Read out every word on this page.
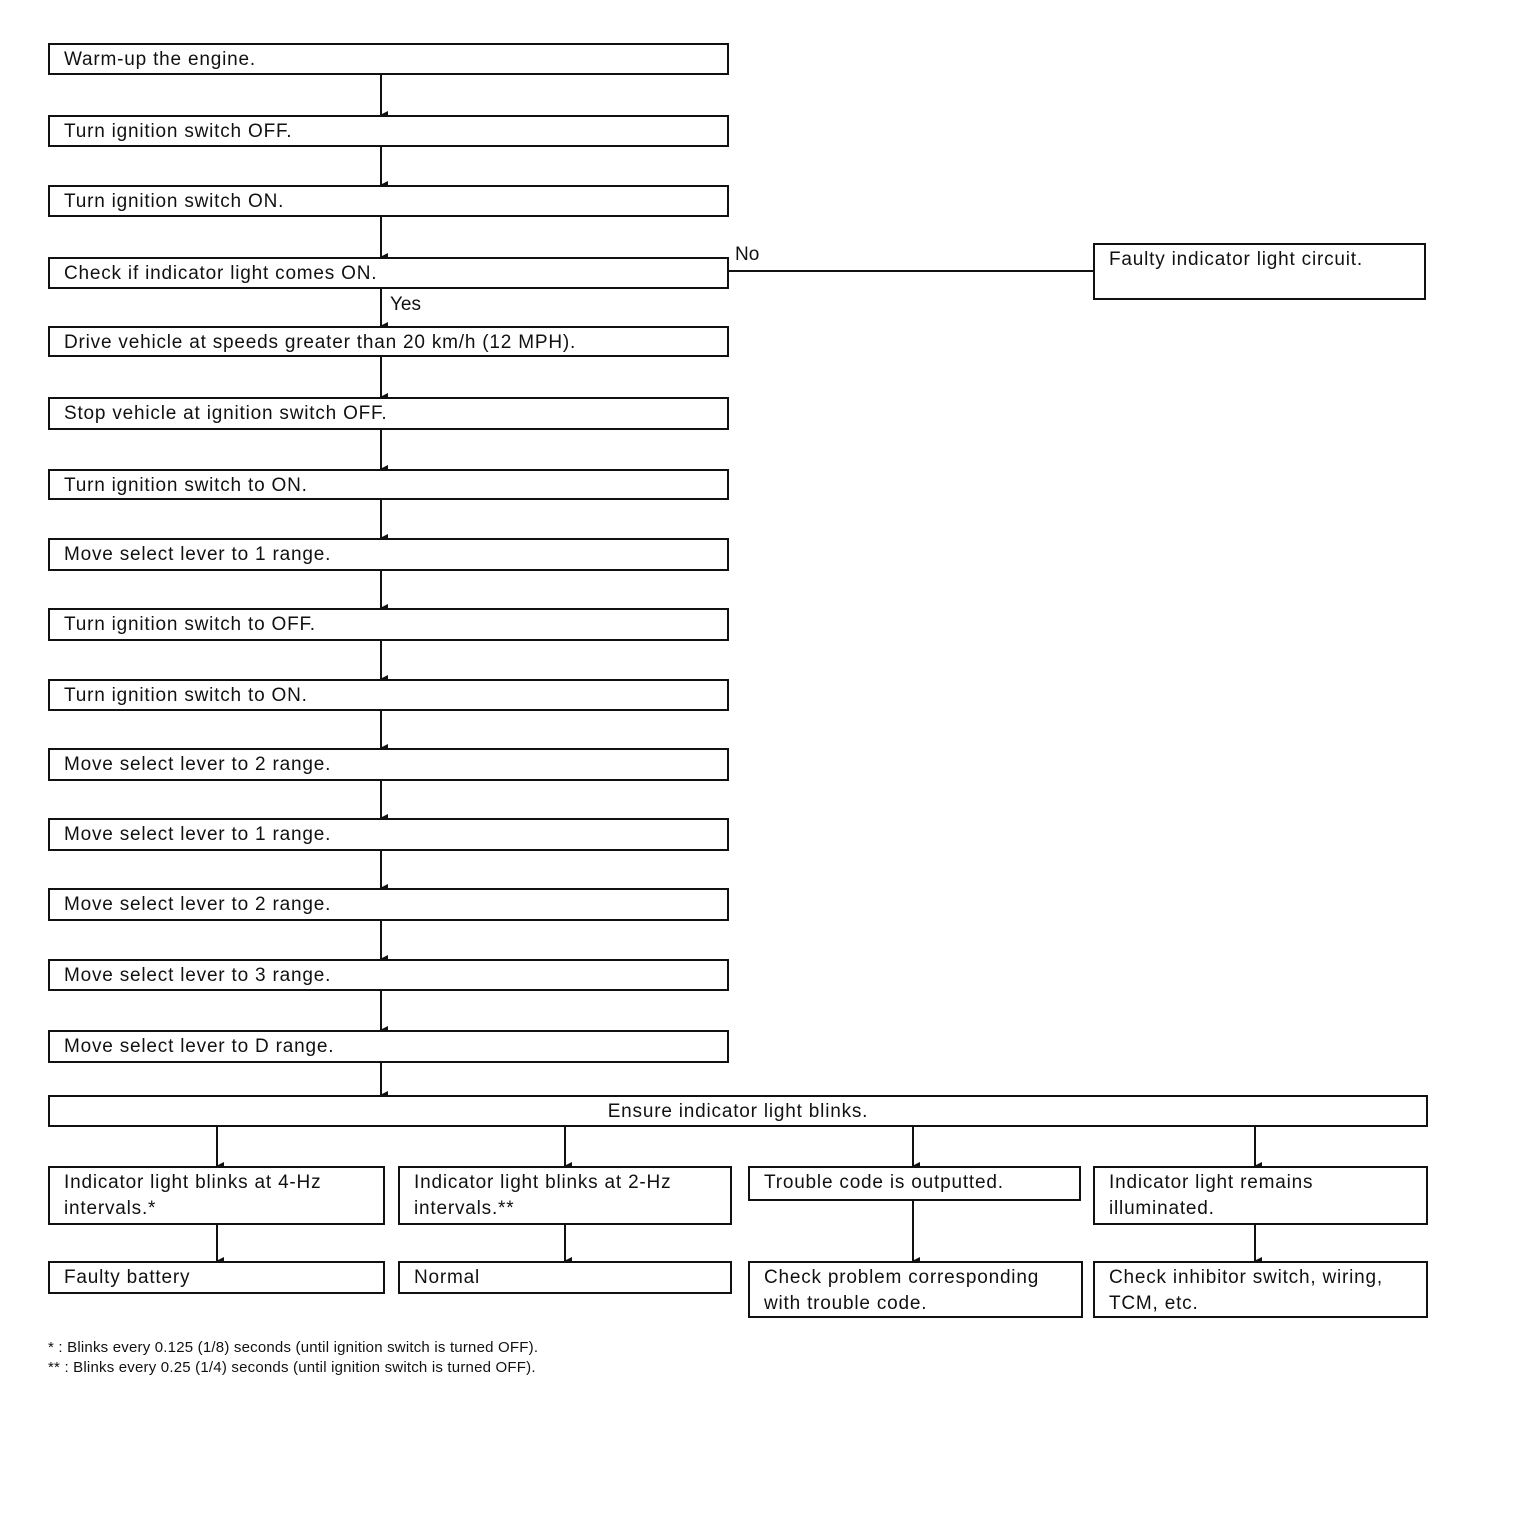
Warm-up the engine.
Turn ignition switch OFF.
Turn ignition switch ON.
Check if indicator light comes ON.
Drive vehicle at speeds greater than 20 km/h (12 MPH).
Stop vehicle at ignition switch OFF.
Turn ignition switch to ON.
Move select lever to 1 range.
Turn ignition switch to OFF.
Turn ignition switch to ON.
Move select lever to 2 range.
Move select lever to 1 range.
Move select lever to 2 range.
Move select lever to 3 range.
Move select lever to D range.
No
Yes
Faulty indicator light circuit.
Ensure indicator light blinks.
Indicator light blinks at 4-Hz intervals.*
Indicator light blinks at 2-Hz intervals.**
Trouble code is outputted.	Indicator light remains illuminated.
Faulty battery	Normal	Check problem corresponding with trouble code.
Check inhibitor switch, wiring, TCM, etc.
* : Blinks every 0.125 (1/8) seconds (until ignition switch is turned OFF).
** : Blinks every 0.25 (1/4) seconds (until ignition switch is turned OFF).
